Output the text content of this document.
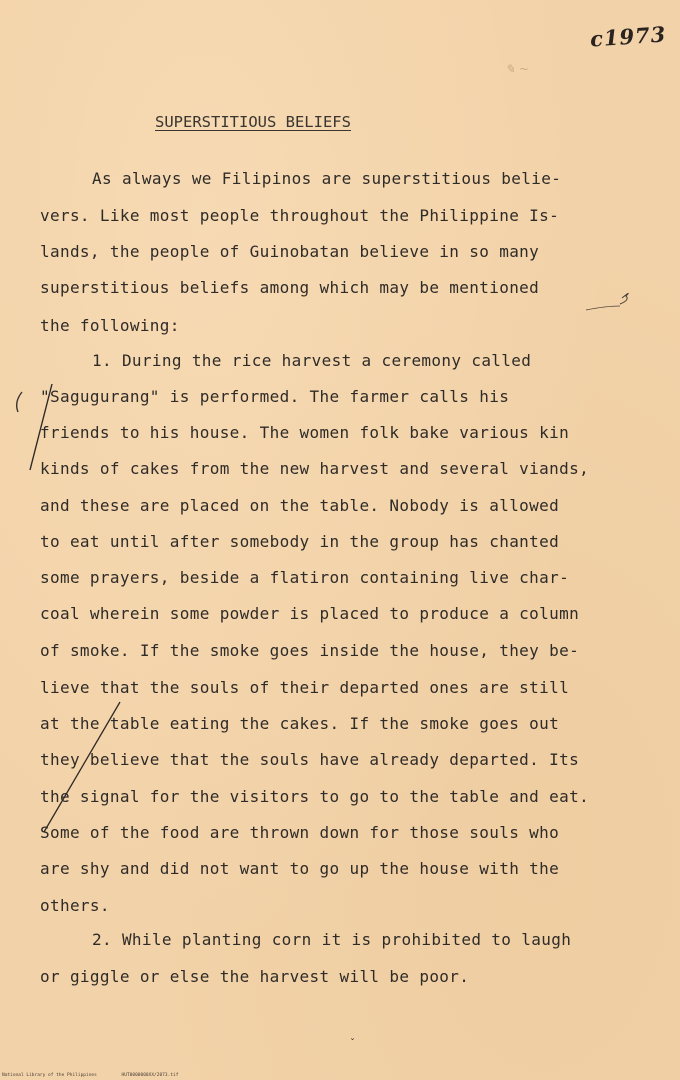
✎ ~
c1973
SUPERSTITIOUS BELIEFS
As always we Filipinos are superstitious belie-
vers. Like most people throughout the Philippine Is-
lands, the people of Guinobatan believe in so many
superstitious beliefs among which may be mentioned
the following:
1. During the rice harvest a ceremony called
"Sagugurang" is performed. The farmer calls his
friends to his house. The women folk bake various kin
kinds of cakes from the new harvest and several viands,
and these are placed on the table. Nobody is allowed
to eat until after somebody in the group has chanted
some prayers, beside a flatiron containing live char-
coal wherein some powder is placed to produce a column
of smoke. If the smoke goes inside the house, they be-
lieve that the souls of their departed ones are still
at the table eating the cakes. If the smoke goes out
they believe that the souls have already departed. Its
the signal for the visitors to go to the table and eat.
Some of the food are thrown down for those souls who
are shy and did not want to go up the house with the
others.
2. While planting corn it is prohibited to laugh
or giggle or else the harvest will be poor.
ˇ
National Library of the Philippines	HUT0000000XX/2073.tif
